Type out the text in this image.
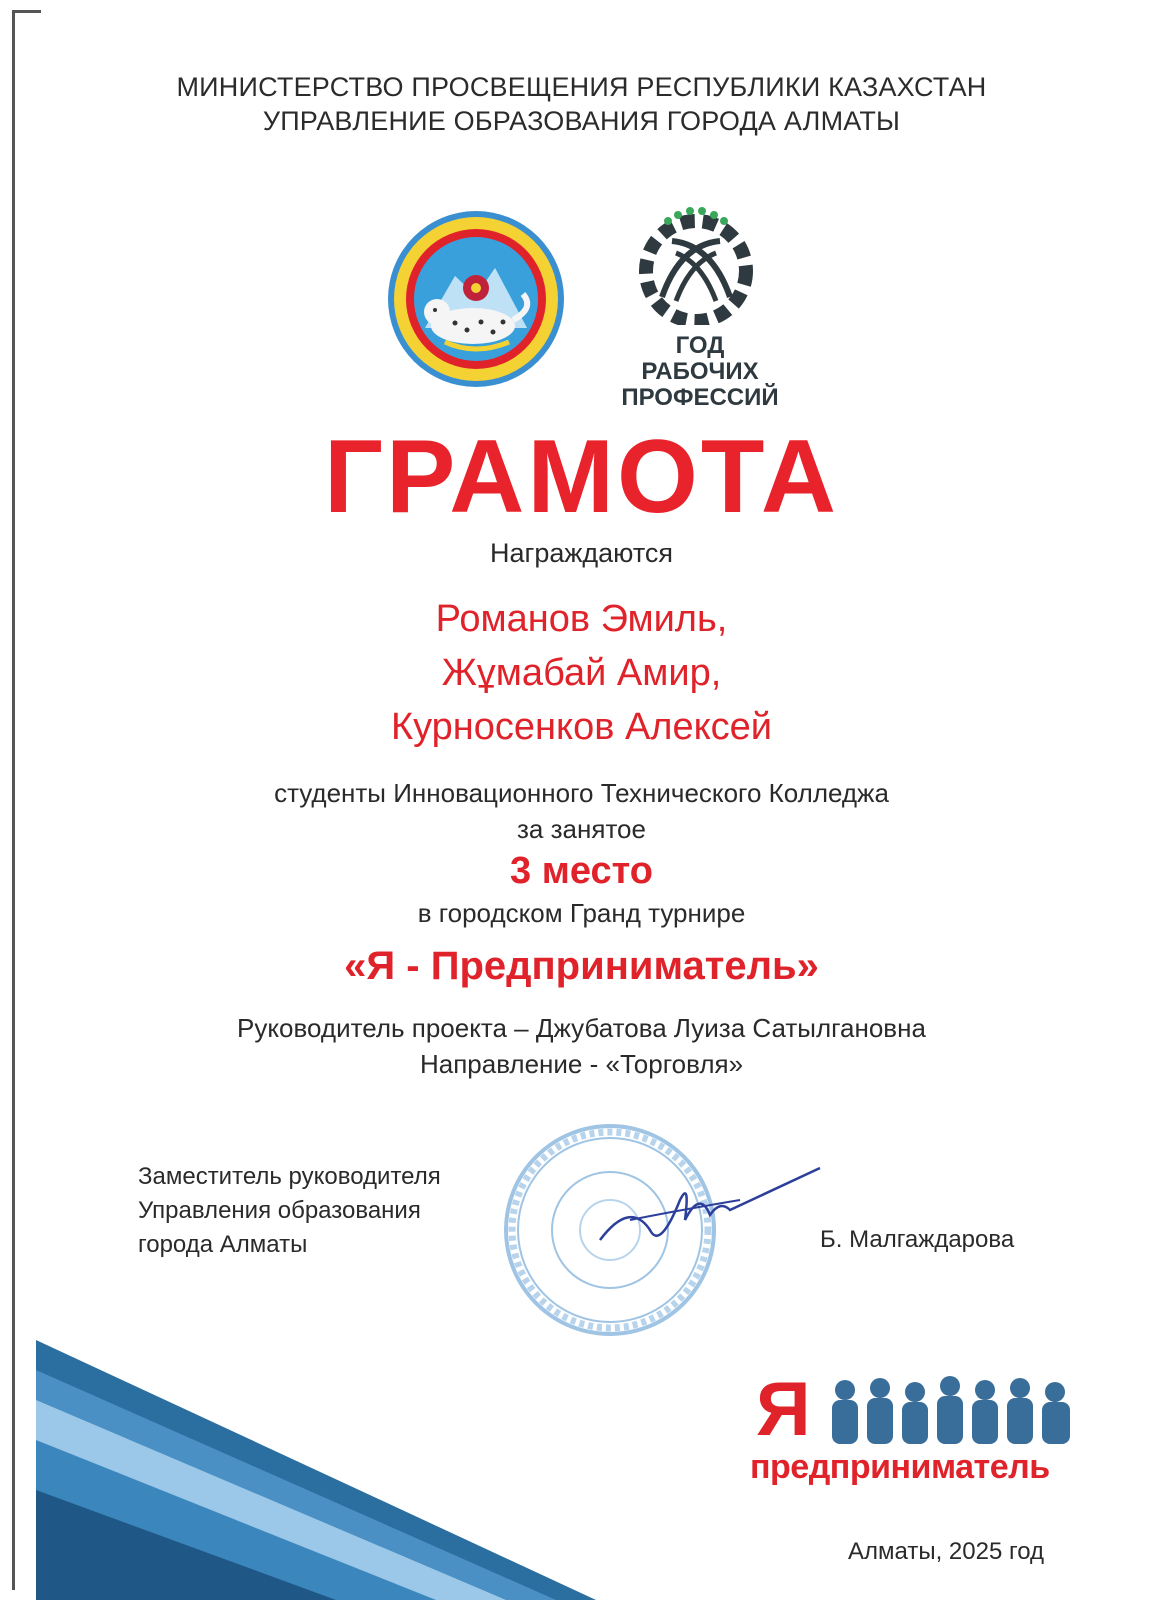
МИНИСТЕРСТВО ПРОСВЕЩЕНИЯ РЕСПУБЛИКИ КАЗАХСТАН
УПРАВЛЕНИЕ ОБРАЗОВАНИЯ ГОРОДА АЛМАТЫ
ГОД РАБОЧИХ
ПРОФЕССИЙ
ГРАМОТА
Награждаются
Романов Эмиль,
Жұмабай Амир,
Курносенков Алексей
студенты Инновационного Технического Колледжа
за занятое
3 место
в городском Гранд турнире
«Я - Предприниматель»
Руководитель проекта – Джубатова Луиза Сатылгановна
Направление - «Торговля»
Заместитель руководителя
Управления образования
города Алматы	Б. Малгаждарова
Я
предприниматель
Алматы, 2025 год
